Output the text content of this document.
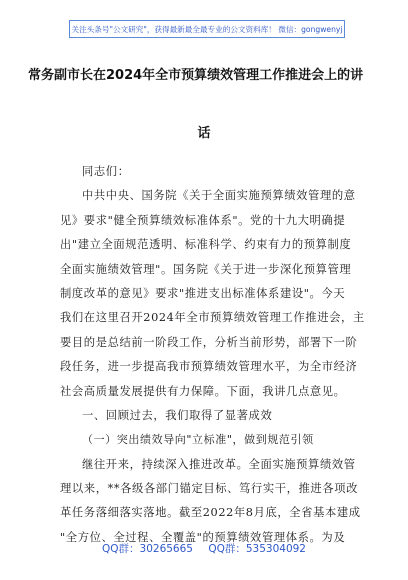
关注头条号"公文研究"，获得最新最全最专业的公文资料库！ 微信：gongwenyj
常务副市长在2024年全市预算绩效管理工作推进会上的讲
话
同志们：
中共中央、国务院《关于全面实施预算绩效管理的意
见》要求"健全预算绩效标准体系"。党的十九大明确提
出"建立全面规范透明、标准科学、约束有力的预算制度
全面实施绩效管理"。国务院《关于进一步深化预算管理
制度改革的意见》要求"推进支出标准体系建设"。今天
我们在这里召开2024年全市预算绩效管理工作推进会，主
要目的是总结前一阶段工作，分析当前形势，部署下一阶
段任务，进一步提高我市预算绩效管理水平，为全市经济
社会高质量发展提供有力保障。下面，我讲几点意见。
一、回顾过去，我们取得了显著成效
（一）突出绩效导向"立标准"，做到规范引领
继往开来，持续深入推进改革。全面实施预算绩效管
理以来，**各级各部门锚定目标、笃行实干，推进各项改
革任务落细落实落地。截至2022年8月底，全省基本建成
"全方位、全过程、全覆盖"的预算绩效管理体系。为及
QQ群：30265665 QQ群：535304092
